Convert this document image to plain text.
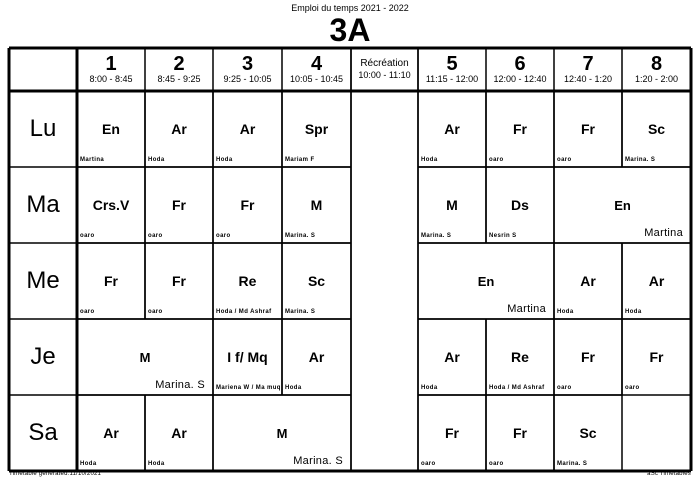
Emploi du temps 2021 - 2022
3A
1
8:00 - 8:45
2
8:45 - 9:25
3
9:25 - 10:05
4
10:05 - 10:45
Récréation
10:00 - 11:10	5
11:15 - 12:00
6
12:00 - 12:40
7
12:40 - 1:20
8
1:20 - 2:00
Lu
Ma
Me
Je
Sa
En
Martina
Ar
Hoda
Ar
Hoda
Spr
Mariam F
Ar
Hoda
Fr
oaro
Fr
oaro
Sc
Marina. S
Crs.V
oaro
Fr
oaro
Fr
oaro
M
Marina. S
M
Marina. S
Ds
Nesrin S
En
Martina
Fr
oaro
Fr
oaro
Re
Hoda / Md Ashraf
Sc
Marina. S
En
Martina
Ar
Hoda
Ar
Hoda
M
Marina. S
I f/ Mq
Mariena W / Ma muq
Ar
Hoda
Ar
Hoda
Re
Hoda / Md Ashraf
Fr
oaro
Fr
oaro
Ar
Hoda
Ar
Hoda
M
Marina. S
Fr
oaro
Fr
oaro
Sc
Marina. S
Timetable generated:11/10/2021	aSc Timetables
